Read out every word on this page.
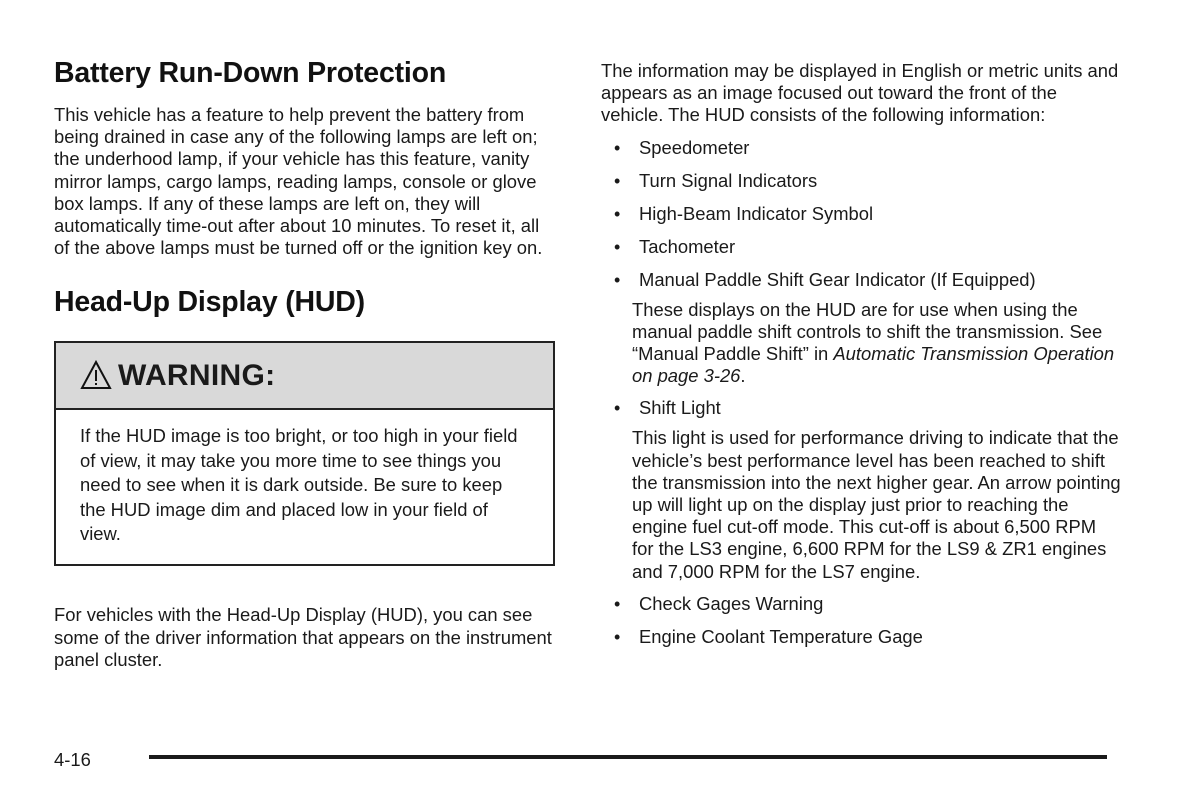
Battery Run-Down Protection

This vehicle has a feature to help prevent the battery from being drained in case any of the following lamps are left on; the underhood lamp, if your vehicle has this feature, vanity mirror lamps, cargo lamps, reading lamps, console or glove box lamps. If any of these lamps are left on, they will automatically time-out after about 10 minutes. To reset it, all of the above lamps must be turned off or the ignition key on.

Head-Up Display (HUD)
WARNING:
If the HUD image is too bright, or too high in your field of view, it may take you more time to see things you need to see when it is dark outside. Be sure to keep the HUD image dim and placed low in your field of view.

For vehicles with the Head-Up Display (HUD), you can see some of the driver information that appears on the instrument panel cluster.

The information may be displayed in English or metric units and appears as an image focused out toward the front of the vehicle. The HUD consists of the following information:

• Speedometer
• Turn Signal Indicators
• High-Beam Indicator Symbol
• Tachometer
• Manual Paddle Shift Gear Indicator (If Equipped)
These displays on the HUD are for use when using the manual paddle shift controls to shift the transmission. See “Manual Paddle Shift” in Automatic Transmission Operation on page 3-26.
• Shift Light
This light is used for performance driving to indicate that the vehicle’s best performance level has been reached to shift the transmission into the next higher gear. An arrow pointing up will light up on the display just prior to reaching the engine fuel cut-off mode. This cut-off is about 6,500 RPM for the LS3 engine, 6,600 RPM for the LS9 & ZR1 engines and 7,000 RPM for the LS7 engine.
• Check Gages Warning
• Engine Coolant Temperature Gage
4-16
